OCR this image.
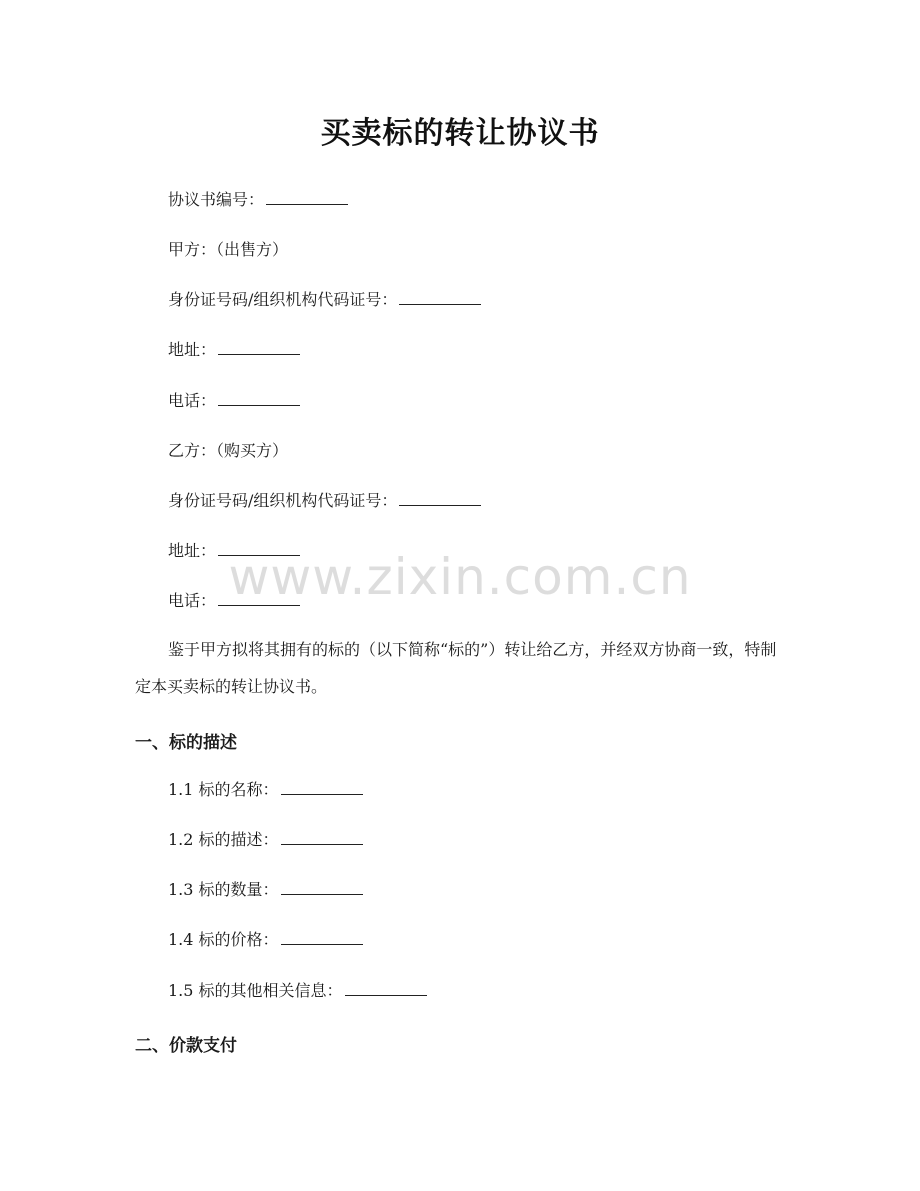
买卖标的转让协议书
协议书编号：
甲方：（出售方）
身份证号码/组织机构代码证号：
地址：
电话：
乙方：（购买方）
身份证号码/组织机构代码证号：
地址：
电话：
鉴于甲方拟将其拥有的标的（以下简称“标的”）转让给乙方，并经双方协商一致，特制定本买卖标的转让协议书。
一、标的描述
1.1 标的名称：
1.2 标的描述：
1.3 标的数量：
1.4 标的价格：
1.5 标的其他相关信息：
二、价款支付
www.zixin.com.cn
